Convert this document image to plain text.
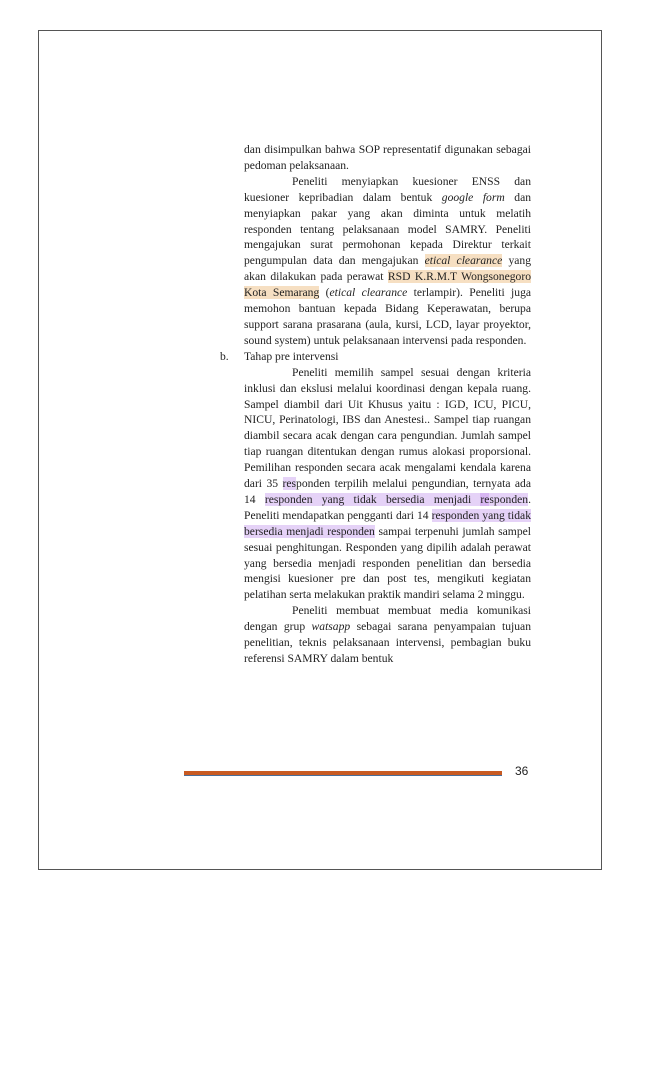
dan disimpulkan bahwa SOP representatif digunakan sebagai pedoman pelaksanaan.

Peneliti menyiapkan kuesioner ENSS dan kuesioner kepribadian dalam bentuk google form dan menyiapkan pakar yang akan diminta untuk melatih responden tentang pelaksanaan model SAMRY. Peneliti mengajukan surat permohonan kepada Direktur terkait pengumpulan data dan mengajukan etical clearance yang akan dilakukan pada perawat RSD K.R.M.T Wongsonegoro Kota Semarang (etical clearance terlampir). Peneliti juga memohon bantuan kepada Bidang Keperawatan, berupa support sarana prasarana (aula, kursi, LCD, layar proyektor, sound system) untuk pelaksanaan intervensi pada responden.

b. Tahap pre intervensi

Peneliti memilih sampel sesuai dengan kriteria inklusi dan ekslusi melalui koordinasi dengan kepala ruang. Sampel diambil dari Uit Khusus yaitu : IGD, ICU, PICU, NICU, Perinatologi, IBS dan Anestesi.. Sampel tiap ruangan diambil secara acak dengan cara pengundian. Jumlah sampel tiap ruangan ditentukan dengan rumus alokasi proporsional. Pemilihan responden secara acak mengalami kendala karena dari 35 responden terpilih melalui pengundian, ternyata ada 14 responden yang tidak bersedia menjadi responden. Peneliti mendapatkan pengganti dari 14 responden yang tidak bersedia menjadi responden sampai terpenuhi jumlah sampel sesuai penghitungan. Responden yang dipilih adalah perawat yang bersedia menjadi responden penelitian dan bersedia mengisi kuesioner pre dan post tes, mengikuti kegiatan pelatihan serta melakukan praktik mandiri selama 2 minggu.

Peneliti membuat membuat media komunikasi dengan grup watsapp sebagai sarana penyampaian tujuan penelitian, teknis pelaksanaan intervensi, pembagian buku referensi SAMRY dalam bentuk

36
